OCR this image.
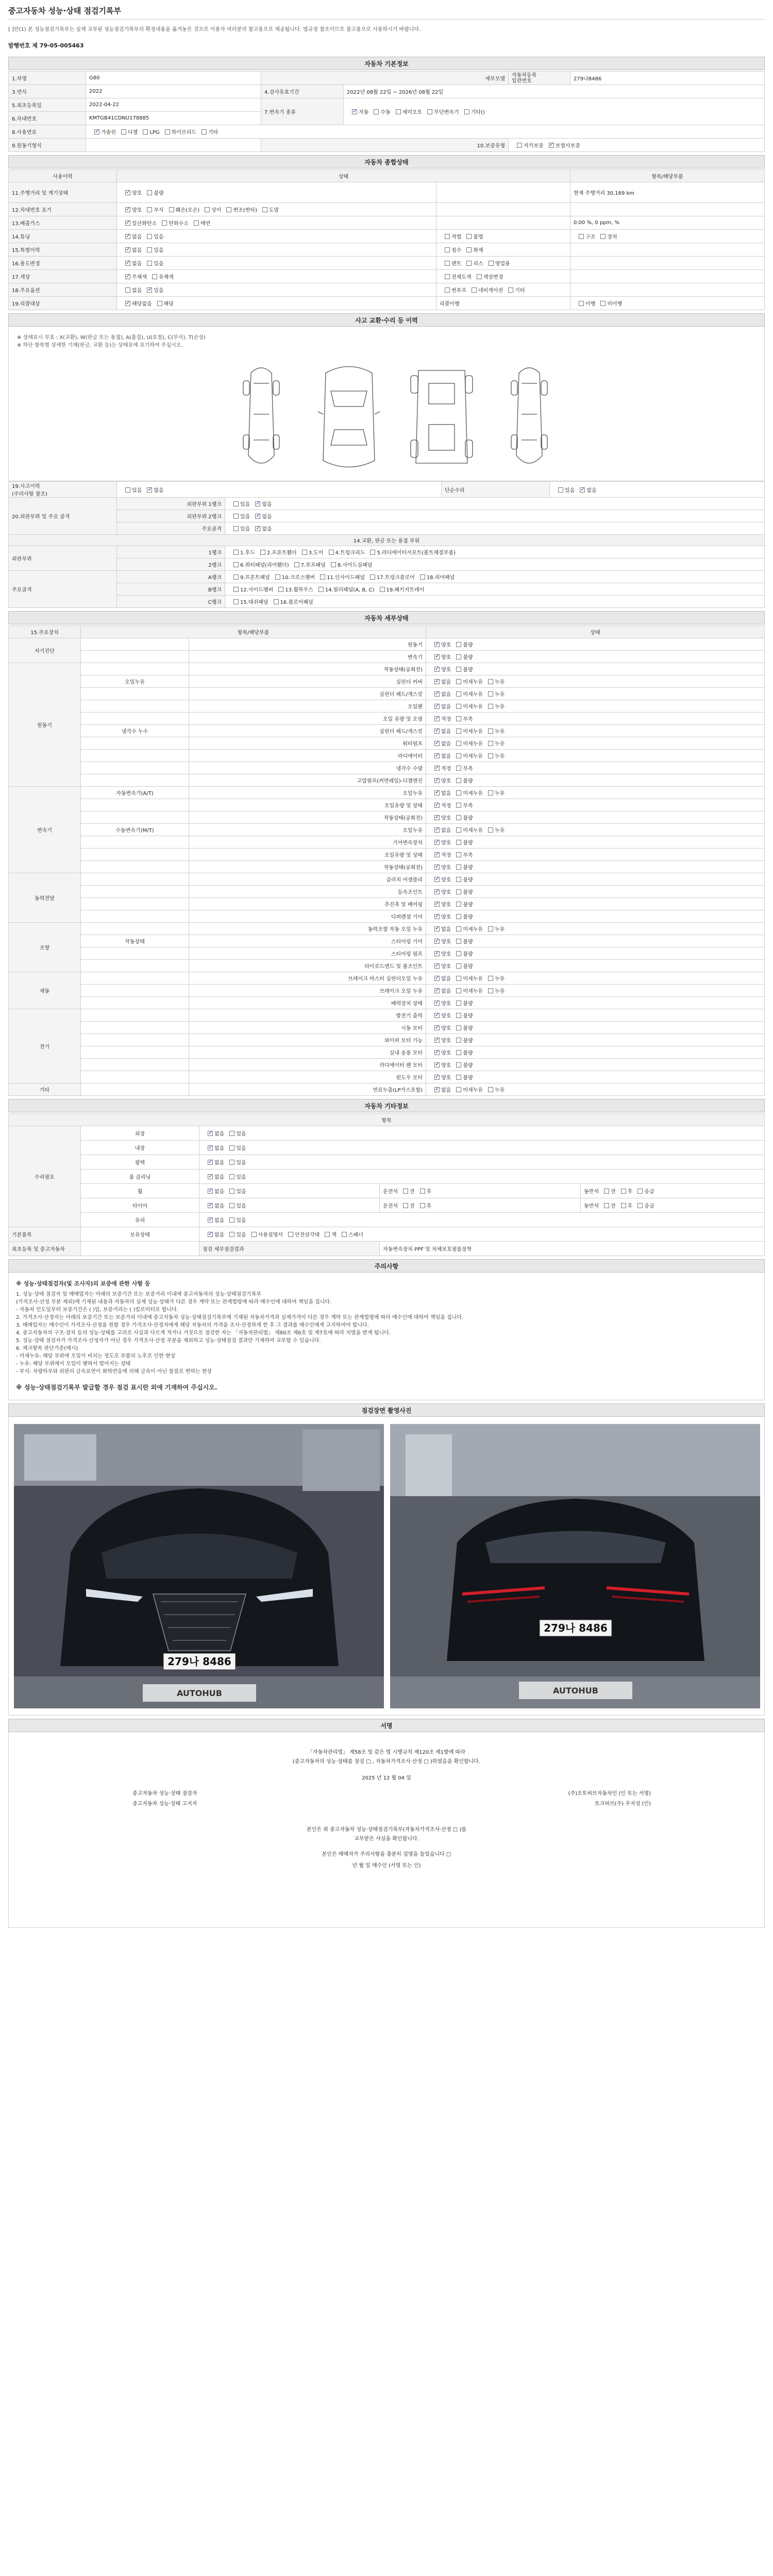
중고자동차 성능·상태 점검기록부
[ ]안(1) 본 성능점검기록부는 실제 교부된 성능점검기록부의 확정내용을 옮겨놓은 것으로 이용자 여러분의 참고용으로 제공됩니다. 법규정 참조이므로 참고용으로 사용하시기 바랍니다.
발행번호 제 79-05-005463
자동차 기본정보
1.차명	G80	세부모델		자동차등록
일련번호	279나8486
3.연식	2022	4.검사유효기간	2022년 08월 22일 ~ 2026년 08월 22일		
5.최초등록일	2022-04-22	7.변속기 종류	✓자동 수동 세미오토 무단변속기 기타()
6.차대번호	KMTGB41CDNU178885				
8.사용연료	✓가솔린 디젤 LPG 하이브리드 기타
9.원동기형식		10.보증유형		자가보증 ✓ 보험사보증
자동차 종합상태
사용이력	상태		항목/해당부품
11.주행거리 및 계기상태	✓양호 불량		현재 주행거리 30,169 km
12.차대번호 표기	✓양호 부식 훼손(오손) 상이 변조(변타) 도말		
13.배출가스	✓일산화탄소 탄화수소 매연		0.00 %, 0 ppm, %
14.튜닝	✓없음 있음	적법 불법	구조 장치
15.특별이력	✓없음 있음	침수 화재	
16.용도변경	✓없음 있음	렌트 리스 영업용	
17.색상	✓무채색 유채색	전체도색 색상변경	
18.주요옵션	없음 ✓ 있음	썬루프 네비게이션 기타	
19.리콜대상	✓해당없음 해당	리콜이행	이행 미이행
사고 교환·수리 등 이력
※ 상태표시 부호 : X(교환), W(판금 또는 용접), A(흠집), U(요철), C(부식), T(손상)
※ 하단 항목별 상세한 기재(판금, 교환 등)는 상태표에 표기하여 주십시오.
19.사고이력
(주의사항 참조)	있음 ✓ 없음		단순수리	있음 ✓ 없음
20.외판부위 및 주요 골격	외판부위 1랭크	있음 ✓ 없음
	외판부위 2랭크	있음 ✓ 없음
	주요골격	있음 ✓ 없음
14.교환, 판금 또는 용접 부위				
외판부위	1랭크	1.후드 2.프론트휀더 3.도어 4.트렁크리드 5.라디에이터서포트(볼트체결부품)		
	2랭크	6.쿼터패널(리어휀더) 7.루프패널 8.사이드실패널		
주요골격	A랭크	9.프론트패널 10.크로스멤버 11.인사이드패널 17.트렁크플로어 18.리어패널		
	B랭크	12.사이드멤버 13.휠하우스 14.필러패널(A, B, C) 19.패키지트레이		
	C랭크	15.대쉬패널 16.플로어패널		
자동차 세부상태
15.주요장치	항목/해당부품		상태
자기진단		원동기	✓양호 불량
		변속기	✓양호 불량
원동기		작동상태(공회전)	✓양호 불량
	오일누유	실린더 커버	✓없음 미세누유 누유
		실린더 헤드/개스킷	✓없음 미세누유 누유
		오일팬	✓없음 미세누유 누유
		오일 유량 및 오염	✓적정 부족
	냉각수 누수	실린더 헤드/개스킷	✓없음 미세누유 누유
		워터펌프	✓없음 미세누유 누유
		라디에이터	✓없음 미세누유 누유
		냉각수 수량	✓적정 부족
		고압펌프(커먼레일)-디젤엔진	✓양호 불량
변속기	자동변속기(A/T)	오일누유	✓없음 미세누유 누유
		오일유량 및 상태	✓적정 부족
		작동상태(공회전)	✓양호 불량
	수동변속기(M/T)	오일누유	✓없음 미세누유 누유
		기어변속장치	✓양호 불량
		오일유량 및 상태	✓적정 부족
		작동상태(공회전)	✓양호 불량
동력전달		클러치 어셈블리	✓양호 불량
		등속조인트	✓양호 불량
		추진축 및 베어링	✓양호 불량
		디퍼렌셜 기어	✓양호 불량
조향		동력조향 작동 오일 누유	✓없음 미세누유 누유
	작동상태	스티어링 기어	✓양호 불량
		스티어링 펌프	✓양호 불량
		타이로드엔드 및 볼조인트	✓양호 불량
제동		브레이크 마스터 실린더오일 누유	✓없음 미세누유 누유
		브레이크 오일 누유	✓없음 미세누유 누유
		배력장치 상태	✓양호 불량
전기		발전기 출력	✓양호 불량
		시동 모터	✓양호 불량
		와이퍼 모터 기능	✓양호 불량
		실내 송풍 모터	✓양호 불량
		라디에이터 팬 모터	✓양호 불량
		윈도우 모터	✓양호 불량
기타		연료누출(LP가스포함)	✓없음 미세누유 누유
자동차 기타정보
항목				
수리필요	외장	✓없음 있음
	내장	✓없음 있음
	광택	✓없음 있음
	룸 클리닝	✓없음 있음
	휠	✓없음 있음	운전석 전 후	동반석 전 후 응급
	타이어	✓없음 있음	운전석 전 후	동반석 전 후 응급
	유리	✓없음 있음
기본품목	보유상태	✓없음 있음 사용설명서 안전삼각대 잭 스패너
최초등록 및 중고자동차		점검 세부점검결과	자동변속장치 PPF 및 차체보호필름장착	
주의사항
※ 성능·상태점검자(및 조사자)의 보증에 관한 사항 등
1. 성능·상태 점검자 및 매매업자는 아래의 보증기간 또는 보증거리 이내에 중고자동차의 성능·상태점검기록부
(가격조사·산정 부분 제외)에 기재된 내용과 자동차의 실제 성능·상태가 다른 경우 계약 또는 관계법령에 따라 매수인에 대하여 책임을 집니다.
- 자동차 인도일부터 보증기간은 ( )일, 보증거리는 ( )킬로미터로 합니다.
2. 가격조사·산정자는 아래의 보증기간 또는 보증거리 이내에 중고자동차 성능·상태점검기록부에 기재된 자동차가격과 실제가격이 다른 경우 계약 또는 관계법령에 따라 매수인에 대하여 책임을 집니다.
3. 매매업자는 매수인이 가격조사·산정을 원할 경우 가격조사·산정자에게 해당 자동차의 가격을 조사·산정하게 한 후 그 결과를 매수인에게 고지하여야 합니다.
4. 중고자동차의 구조·장치 등의 성능·상태를 고의로 사실과 다르게 적거나 거짓으로 점검한 자는 「자동차관리법」 제80조 제6호 및 제7호에 따라 처벌을 받게 됩니다.
5. 성능·상태 점검자가 가격조사·산정자가 아닌 경우 가격조사·산정 부분을 제외하고 성능·상태점검 결과만 기재하여 교부할 수 있습니다.
6. 체크항목 판단기준(예시)
- 미세누유: 해당 부위에 오일이 비치는 정도로 부품의 노후로 인한 현상
- 누유: 해당 부위에서 오일이 맺혀서 떨어지는 상태
- 부식: 차량하부와 외판의 금속표면이 화학반응에 의해 금속이 아닌 물질로 변하는 현상
※ 성능·상태점검기록부 발급할 경우 점검 표시란 외에 기재하여 주십시오.
점검장면 촬영사진
279나 8486
AUTOHUB
279나 8486
AUTOHUB
서명
「자동차관리법」 제58조 및 같은 법 시행규칙 제120조 제1항에 따라
(중고자동차의 성능·상태를 점검 □ , 자동차가격조사·산정 □ )하였음을 확인합니다.
2025 년 12 월 04 일
중고자동차 성능·상태 점검자	(주)오토허브자동차인 (인 또는 서명)
중고자동차 성능·상태 고지자	토크허브(주) 우지성 (인)
본인은 위 중고자동차 성능·상태점검기록부(자동차가격조사·산정 □ )를
교부받은 사실을 확인합니다.
본인은 매매자가 주의사항을 충분히 설명을 들었습니다 □
년 월 일 매수인 (서명 또는 인)
